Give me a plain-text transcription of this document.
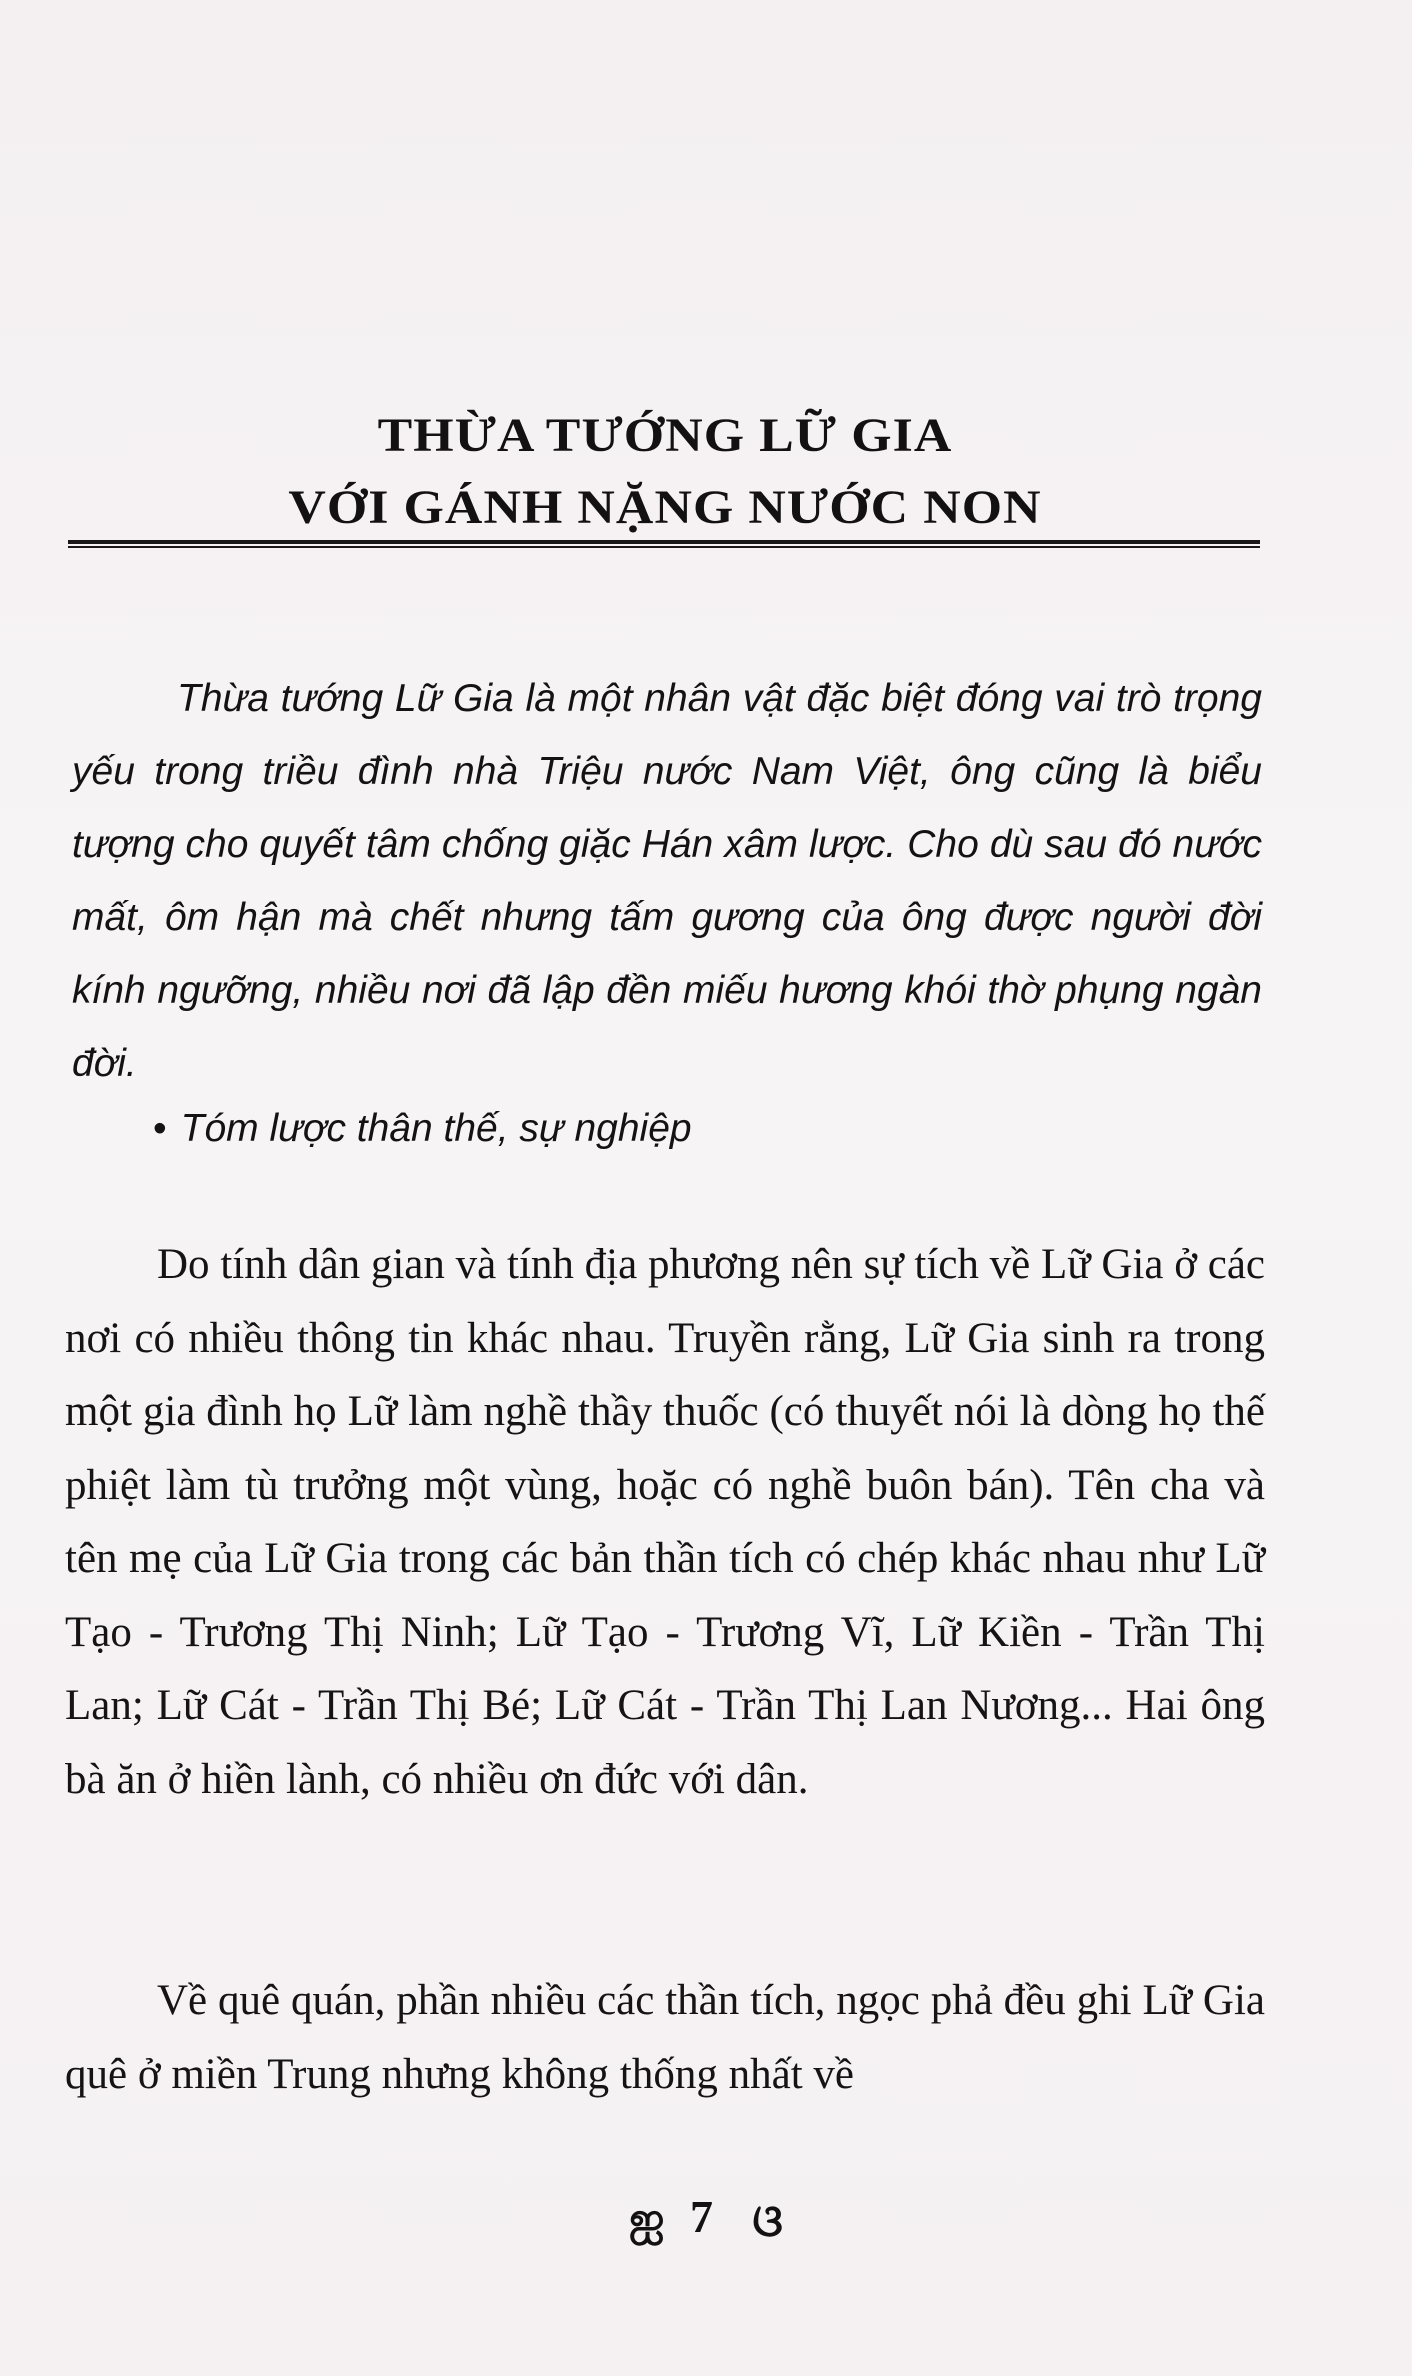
THỪA TƯỚNG LỮ GIA
VỚI GÁNH NẶNG NƯỚC NON

Thừa tướng Lữ Gia là một nhân vật đặc biệt đóng vai trò trọng yếu trong triều đình nhà Triệu nước Nam Việt, ông cũng là biểu tượng cho quyết tâm chống giặc Hán xâm lược. Cho dù sau đó nước mất, ôm hận mà chết nhưng tấm gương của ông được người đời kính ngưỡng, nhiều nơi đã lập đền miếu hương khói thờ phụng ngàn đời.

• Tóm lược thân thế, sự nghiệp

Do tính dân gian và tính địa phương nên sự tích về Lữ Gia ở các nơi có nhiều thông tin khác nhau. Truyền rằng, Lữ Gia sinh ra trong một gia đình họ Lữ làm nghề thầy thuốc (có thuyết nói là dòng họ thế phiệt làm tù trưởng một vùng, hoặc có nghề buôn bán). Tên cha và tên mẹ của Lữ Gia trong các bản thần tích có chép khác nhau như Lữ Tạo - Trương Thị Ninh; Lữ Tạo - Trương Vĩ, Lữ Kiền - Trần Thị Lan; Lữ Cát - Trần Thị Bé; Lữ Cát - Trần Thị Lan Nương... Hai ông bà ăn ở hiền lành, có nhiều ơn đức với dân.

Về quê quán, phần nhiều các thần tích, ngọc phả đều ghi Lữ Gia quê ở miền Trung nhưng không thống nhất về

ஐ 7 ଓ
